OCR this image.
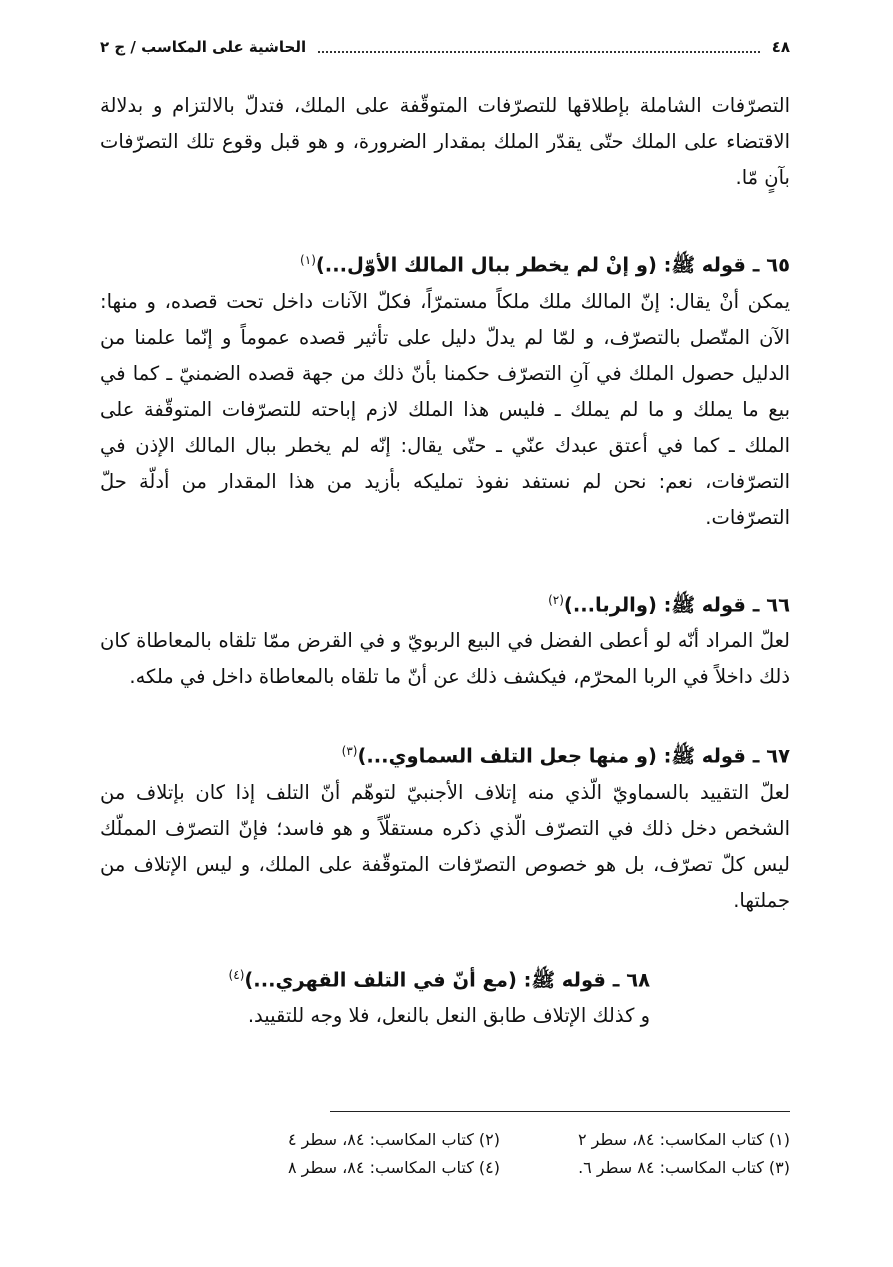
٤٨
الحاشية على المكاسب / ج ٢

التصرّفات الشاملة بإطلاقها للتصرّفات المتوقّفة على الملك، فتدلّ بالالتزام و بدلالة الاقتضاء على الملك حتّى يقدّر الملك بمقدار الضرورة، و هو قبل وقوع تلك التصرّفات بآنٍ مّا.

٦٥ ـ قوله ﷺ: (و إنْ لم يخطر ببال المالك الأوّل...)$^{(١)}$

يمكن أنْ يقال: إنّ المالك ملك ملكاً مستمرّاً، فكلّ الآنات داخل تحت قصده، و منها: الآن المتّصل بالتصرّف، و لمّا لم يدلّ دليل على تأثير قصده عموماً و إنّما علمنا من الدليل حصول الملك في آنِ التصرّف حكمنا بأنّ ذلك من جهة قصده الضمنيّ ـ كما في بيع ما يملك و ما لم يملك ـ فليس هذا الملك لازم إباحته للتصرّفات المتوقّفة على الملك ـ كما في أعتق عبدك عنّي ـ حتّى يقال: إنّه لم يخطر ببال المالك الإذن في التصرّفات، نعم: نحن لم نستفد نفوذ تمليكه بأزيد من هذا المقدار من أدلّة حلّ التصرّفات.

٦٦ ـ قوله ﷺ: (والربا...)$^{(٢)}$

لعلّ المراد أنّه لو أعطى الفضل في البيع الربويّ و في القرض ممّا تلقاه بالمعاطاة كان ذلك داخلاً في الربا المحرّم، فيكشف ذلك عن أنّ ما تلقاه بالمعاطاة داخل في ملكه.

٦٧ ـ قوله ﷺ: (و منها جعل التلف السماوي...)$^{(٣)}$

لعلّ التقييد بالسماويّ الّذي منه إتلاف الأجنبيّ لتوهّم أنّ التلف إذا كان بإتلاف من الشخص دخل ذلك في التصرّف الّذي ذكره مستقلّاً و هو فاسد؛ فإنّ التصرّف المملّك ليس كلّ تصرّف، بل هو خصوص التصرّفات المتوقّفة على الملك، و ليس الإتلاف من جملتها.

٦٨ ـ قوله ﷺ: (مع أنّ في التلف القهري...)$^{(٤)}$

و كذلك الإتلاف طابق النعل بالنعل، فلا وجه للتقييد.

(١) كتاب المكاسب: ٨٤، سطر ٢
(٢) كتاب المكاسب: ٨٤، سطر ٤
(٣) كتاب المكاسب: ٨٤ سطر ٦.
(٤) كتاب المكاسب: ٨٤، سطر ٨
